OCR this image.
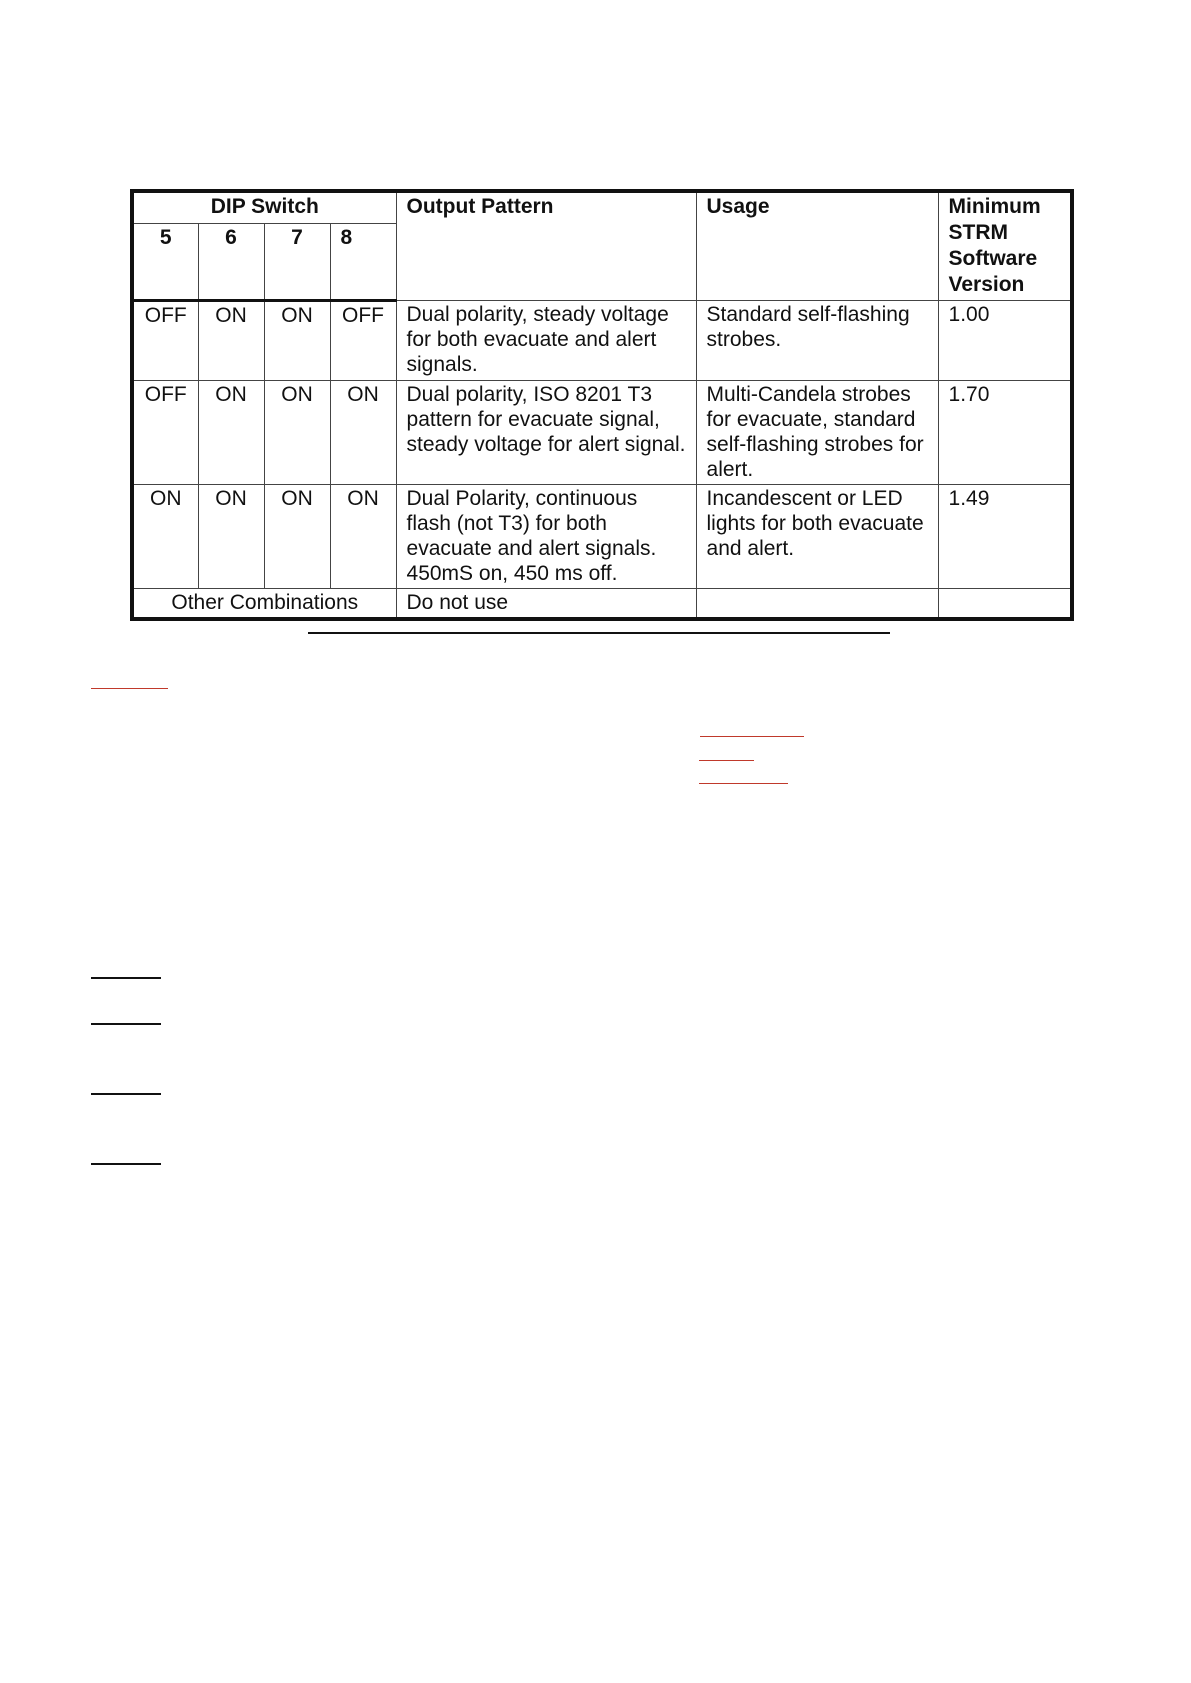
DIP Switch				Output Pattern	Usage	Minimum STRM Software Version
5	6	7	8			
OFF	ON	ON	OFF	Dual polarity, steady voltage for both evacuate and alert signals.	Standard self-flashing strobes.	1.00
OFF	ON	ON	ON	Dual polarity, ISO 8201 T3 pattern for evacuate signal, steady voltage for alert signal.	Multi-Candela strobes for evacuate, standard self-flashing strobes for alert.	1.70
ON	ON	ON	ON	Dual Polarity, continuous flash (not T3) for both evacuate and alert signals. 450mS on, 450 ms off.	Incandescent or LED lights for both evacuate and alert.	1.49
Other Combinations				Do not use		
